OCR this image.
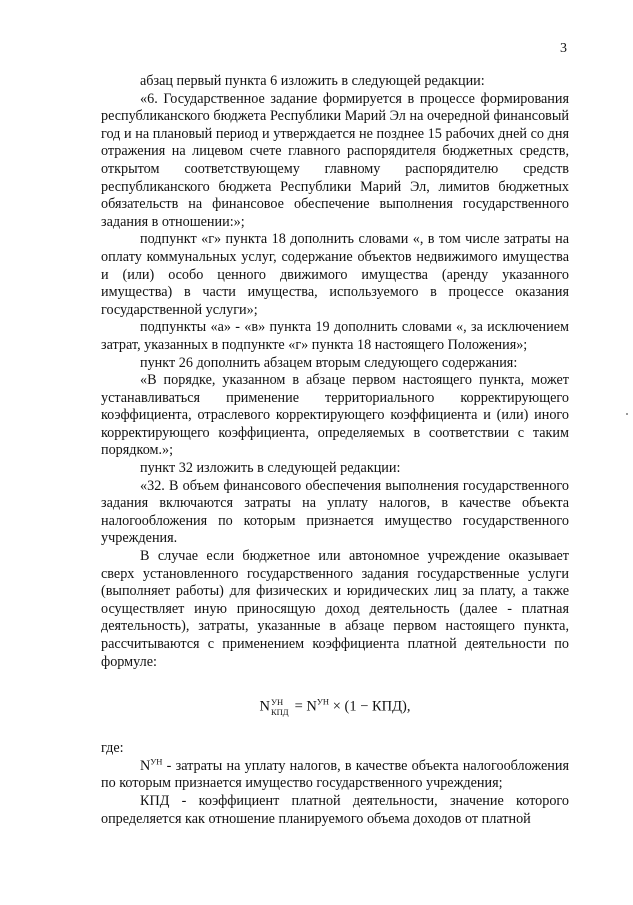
3

абзац первый пункта 6 изложить в следующей редакции:

«6. Государственное задание формируется в процессе формирования республиканского бюджета Республики Марий Эл на очередной финансовый год и на плановый период и утверждается не позднее 15 рабочих дней со дня отражения на лицевом счете главного распорядителя бюджетных средств, открытом соответствующему главному распорядителю средств республиканского бюджета Республики Марий Эл, лимитов бюджетных обязательств на финансовое обеспечение выполнения государственного задания в отношении:»;

подпункт «г» пункта 18 дополнить словами «, в том числе затраты на оплату коммунальных услуг, содержание объектов недвижимого имущества и (или) особо ценного движимого имущества (аренду указанного имущества) в части имущества, используемого в процессе оказания государственной услуги»;

подпункты «а» - «в» пункта 19 дополнить словами «, за исключением затрат, указанных в подпункте «г» пункта 18 настоящего Положения»;

пункт 26 дополнить абзацем вторым следующего содержания:

«В порядке, указанном в абзаце первом настоящего пункта, может устанавливаться применение территориального корректирующего коэффициента, отраслевого корректирующего коэффициента и (или) иного корректирующего коэффициента, определяемых в соответствии с таким порядком.»;

пункт 32 изложить в следующей редакции:

«32. В объем финансового обеспечения выполнения государственного задания включаются затраты на уплату налогов, в качестве объекта налогообложения по которым признается имущество государственного учреждения.

В случае если бюджетное или автономное учреждение оказывает сверх установленного государственного задания государственные услуги (выполняет работы) для физических и юридических лиц за плату, а также осуществляет иную приносящую доход деятельность (далее - платная деятельность), затраты, указанные в абзаце первом настоящего пункта, рассчитываются с применением коэффициента платной деятельности по формуле:

N УН
КПД = $N^{УН} \times (1 - КПД)$,

где:

$N^{УН}$ - затраты на уплату налогов, в качестве объекта налогообложения по которым признается имущество государственного учреждения;

КПД - коэффициент платной деятельности, значение которого определяется как отношение планируемого объема доходов от платной
